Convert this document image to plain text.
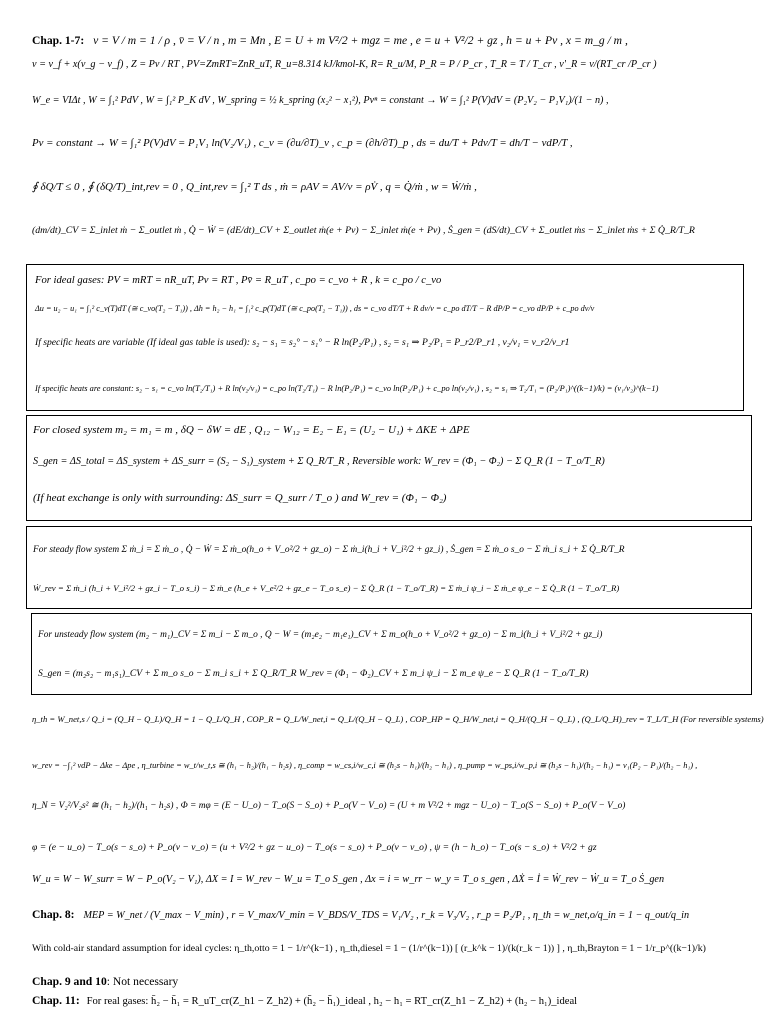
Chap. 1-7: v = V / m = 1 / ρ , v̄ = V / n , m = Mn , E = U + m V²/2 + mgz = me , e = u + V²/2 + gz , h = u + Pv , x = m_g / m ,
v = v_f + x(v_g − v_f) , Z = Pv / RT , PV=ZmRT=ZnR_uT, R_u=8.314 kJ/kmol-K, R= R_u/M, P_R = P / P_cr , T_R = T / T_cr , v'_R = v/(RT_cr /P_cr )
W_e = VIΔt , W = ∫₁² PdV , W = ∫₁² P_K dV , W_spring = ½ k_spring (x₂² − x₁²), Pvⁿ = constant → W = ∫₁² P(V)dV = (P₂V₂ − P₁V₁)/(1 − n) ,
Pv = constant → W = ∫₁² P(V)dV = P₁V₁ ln(V₂/V₁) , c_v = (∂u/∂T)_v , c_p = (∂h/∂T)_p , ds = du/T + Pdv/T = dh/T − vdP/T ,
∮ δQ/T ≤ 0 , ∮ (δQ/T)_int,rev = 0 , Q_int,rev = ∫₁² T ds , ṁ = ρAV = AV/v = ρV̇ , q = Q̇/ṁ , w = Ẇ/ṁ ,
(dm/dt)_CV = Σ_inlet ṁ − Σ_outlet ṁ , Q̇ − Ẇ = (dE/dt)_CV + Σ_outlet ṁ(e + Pv) − Σ_inlet ṁ(e + Pv) , Ṡ_gen = (dS/dt)_CV + Σ_outlet ṁs − Σ_inlet ṁs + Σ Q̇_R/T_R
For ideal gases: PV = mRT = nR_uT, Pv = RT , Pv̄ = R_uT , c_po = c_vo + R , k = c_po / c_vo
Δu = u₂ − u₁ = ∫₁² c_v(T)dT (≅ c_vo(T₂ − T₁)) , Δh = h₂ − h₁ = ∫₁² c_p(T)dT (≅ c_po(T₂ − T₁)) , ds = c_vo dT/T + R dv/v = c_po dT/T − R dP/P = c_vo dP/P + c_po dv/v
If specific heats are variable (If ideal gas table is used): s₂ − s₁ = s₂° − s₁° − R ln(P₂/P₁) , s₂ = s₁ ⇒ P₂/P₁ = P_r2/P_r1 , v₂/v₁ = v_r2/v_r1
If specific heats are constant: s₂ − s₁ = c_vo ln(T₂/T₁) + R ln(v₂/v₁) = c_po ln(T₂/T₁) − R ln(P₂/P₁) = c_vo ln(P₂/P₁) + c_po ln(v₂/v₁) , s₂ = s₁ ⇒ T₂/T₁ = (P₂/P₁)^((k−1)/k) = (v₁/v₂)^(k−1)
For closed system m₂ = m₁ = m , δQ − δW = dE , Q₁₂ − W₁₂ = E₂ − E₁ = (U₂ − U₁) + ΔKE + ΔPE
S_gen = ΔS_total = ΔS_system + ΔS_surr = (S₂ − S₁)_system + Σ Q_R/T_R , Reversible work: W_rev = (Φ₁ − Φ₂) − Σ Q_R (1 − T_o/T_R)
(If heat exchange is only with surrounding: ΔS_surr = Q_surr / T_o ) and W_rev = (Φ₁ − Φ₂)
For steady flow system Σ ṁ_i = Σ ṁ_o , Q̇ − Ẇ = Σ ṁ_o(h_o + V_o²/2 + gz_o) − Σ ṁ_i(h_i + V_i²/2 + gz_i) , Ṡ_gen = Σ ṁ_o s_o − Σ ṁ_i s_i + Σ Q̇_R/T_R
Ẇ_rev = Σ ṁ_i (h_i + V_i²/2 + gz_i − T_o s_i) − Σ ṁ_e (h_e + V_e²/2 + gz_e − T_o s_e) − Σ Q̇_R (1 − T_o/T_R) = Σ ṁ_i ψ_i − Σ ṁ_e ψ_e − Σ Q̇_R (1 − T_o/T_R)
For unsteady flow system (m₂ − m₁)_CV = Σ m_i − Σ m_o , Q − W = (m₂e₂ − m₁e₁)_CV + Σ m_o(h_o + V_o²/2 + gz_o) − Σ m_i(h_i + V_i²/2 + gz_i)
S_gen = (m₂s₂ − m₁s₁)_CV + Σ m_o s_o − Σ m_i s_i + Σ Q_R/T_R W_rev = (Φ₁ − Φ₂)_CV + Σ m_i ψ_i − Σ m_e ψ_e − Σ Q_R (1 − T_o/T_R)
η_th = W_net,s / Q_i = (Q_H − Q_L)/Q_H = 1 − Q_L/Q_H , COP_R = Q_L/W_net,i = Q_L/(Q_H − Q_L) , COP_HP = Q_H/W_net,i = Q_H/(Q_H − Q_L) , (Q_L/Q_H)_rev = T_L/T_H (For reversible systems)
w_rev = −∫₁² vdP − Δke − Δpe , η_turbine = w_t/w_t,s ≅ (h₁ − h₂)/(h₁ − h₂s) , η_comp = w_cs,i/w_c,i ≅ (h₂s − h₁)/(h₂ − h₁) , η_pump = w_ps,i/w_p,i ≅ (h₂s − h₁)/(h₂ − h₁) = v₁(P₂ − P₁)/(h₂ − h₁) ,
η_N = V₂²/V₂s² ≅ (h₁ − h₂)/(h₁ − h₂s) , Φ = mφ = (E − U_o) − T_o(S − S_o) + P_o(V − V_o) = (U + m V²/2 + mgz − U_o) − T_o(S − S_o) + P_o(V − V_o)
φ = (e − u_o) − T_o(s − s_o) + P_o(v − v_o) = (u + V²/2 + gz − u_o) − T_o(s − s_o) + P_o(v − v_o) , ψ = (h − h_o) − T_o(s − s_o) + V²/2 + gz
W_u = W − W_surr = W − P_o(V₂ − V₁), ΔX = I = W_rev − W_u = T_o S_gen , Δx = i = w_rr − w_y = T_o s_gen , ΔẊ = İ = Ẇ_rev − Ẇ_u = T_o Ṡ_gen
Chap. 8: MEP = W_net / (V_max − V_min) , r = V_max/V_min = V_BDS/V_TDS = V₁/V₂ , r_k = V₃/V₂ , r_p = P₂/P₁ , η_th = w_net,o/q_in = 1 − q_out/q_in
With cold-air standard assumption for ideal cycles: η_th,otto = 1 − 1/r^(k−1) , η_th,diesel = 1 − (1/r^(k−1)) [ (r_k^k − 1)/(k(r_k − 1)) ] , η_th,Brayton = 1 − 1/r_p^((k−1)/k)
Chap. 9 and 10: Not necessary
Chap. 11: For real gases: h̄₂ − h̄₁ = R_uT_cr(Z_h1 − Z_h2) + (h̄₂ − h̄₁)_ideal , h₂ − h₁ = RT_cr(Z_h1 − Z_h2) + (h₂ − h₁)_ideal
